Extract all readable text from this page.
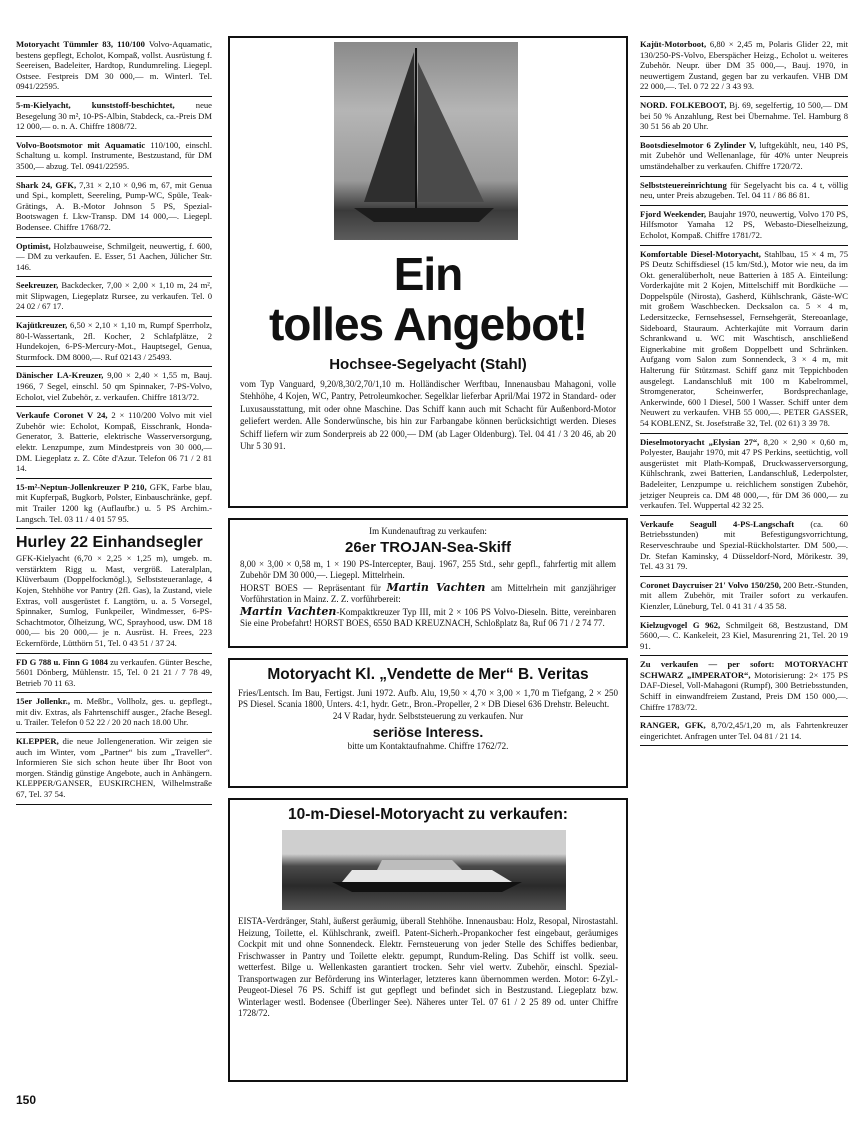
Motoryacht Tümmler 83, 110/100 Volvo-Aquamatic, bestens gepflegt, Echolot, Kompaß, vollst. Ausrüstung f. Seereisen, Badeleiter, Hardtop, Rundumreling. Liegepl. Ostsee. Festpreis DM 30 000,— m. Winterl. Tel. 0941/22595.
5-m-Kielyacht, kunststoff-beschichtet, neue Besegelung 30 m², 10-PS-Albin, Stabdeck, ca.-Preis DM 12 000,— o. n. A. Chiffre 1808/72.
Volvo-Bootsmotor mit Aquamatic 110/100, einschl. Schaltung u. kompl. Instrumente, Bestzustand, für DM 3500,— abzug. Tel. 0941/22595.
Shark 24, GFK, 7,31 × 2,10 × 0,96 m, 67, mit Genua und Spi., komplett, Seereling, Pump-WC, Spüle, Teak-Grätings, A. B.-Motor Johnson 5 PS, Spezial-Bootswagen f. Lkw-Transp. DM 14 000,—. Liegepl. Bodensee. Chiffre 1768/72.
Optimist, Holzbauweise, Schmilgeit, neuwertig, f. 600,— DM zu verkaufen. E. Esser, 51 Aachen, Jülicher Str. 146.
Seekreuzer, Backdecker, 7,00 × 2,00 × 1,10 m, 24 m², mit Slipwagen, Liegeplatz Rursee, zu verkaufen. Tel. 0 24 02 / 67 17.
Kajütkreuzer, 6,50 × 2,10 × 1,10 m, Rumpf Sperrholz, 80-l-Wassertank, 2fl. Kocher, 2 Schlafplätze, 2 Hundekojen, 6-PS-Mercury-Mot., Hauptsegel, Genua, Sturmfock. DM 8000,—. Ruf 02143 / 25493.
Dänischer LA-Kreuzer, 9,00 × 2,40 × 1,55 m, Bauj. 1966, 7 Segel, einschl. 50 qm Spinnaker, 7-PS-Volvo, Echolot, viel Zubehör, z. verkaufen. Chiffre 1813/72.
Verkaufe Coronet V 24, 2 × 110/200 Volvo mit viel Zubehör wie: Echolot, Kompaß, Eisschrank, Honda-Generator, 3. Batterie, elektrische Wasserversorgung, elektr. Lenzpumpe, zum Mindestpreis von 30 000,— DM. Liegeplatz z. Z. Côte d'Azur. Telefon 06 71 / 2 81 14.
15-m²-Neptun-Jollenkreuzer P 210, GFK, Farbe blau, mit Kupferpaß, Bugkorb, Polster, Einbauschränke, gepf. mit Trailer 1200 kg (Auflaufbr.) u. 5 PS Archim.-Langsch. Tel. 03 11 / 4 01 57 95.
Hurley 22 Einhandsegler
GFK-Kielyacht (6,70 × 2,25 × 1,25 m), umgeb. m. verstärktem Rigg u. Mast, vergröß. Lateralplan, Klüverbaum (Doppelfockmögl.), Selbststeueranlage, 4 Kojen, Stehhöhe vor Pantry (2fl. Gas), la Zustand, viele Extras, voll ausgerüstet f. Langtörn, u. a. 5 Vorsegel, Spinnaker, Sumlog, Funkpeiler, Windmesser, 6-PS-Schachtmotor, Ölheizung, WC, Sprayhood, usw. DM 18 000,— bis 20 000,— je n. Ausrüst. H. Frees, 223 Eckernförde, Lütthörn 51, Tel. 0 43 51 / 37 24.
FD G 788 u. Finn G 1084 zu verkaufen. Günter Besche, 5601 Dönberg, Mühlenstr. 15, Tel. 0 21 21 / 7 78 49, Betrieb 70 11 63.
15er Jollenkr., m. Meßbr., Vollholz, ges. u. gepflegt., mit div. Extras, als Fahrtenschiff ausger., 2fache Besegl. u. Trailer. Telefon 0 52 22 / 20 20 nach 18.00 Uhr.
KLEPPER, die neue Jollengeneration. Wir zeigen sie auch im Winter, vom „Partner“ bis zum „Traveller“. Informieren Sie sich schon heute über Ihr Boot von morgen. Ständig günstige Angebote, auch in Anhängern. KLEPPER/GANSER, EUSKIRCHEN, Wilhelmstraße 67, Tel. 37 54.
Ein
tolles Angebot!
Hochsee-Segelyacht (Stahl)
vom Typ Vanguard, 9,20/8,30/2,70/1,10 m. Holländischer Werftbau, Innenausbau Mahagoni, volle Stehhöhe, 4 Kojen, WC, Pantry, Petroleumkocher. Segelklar lieferbar April/Mai 1972 in Standard- oder Luxusausstattung, mit oder ohne Maschine. Das Schiff kann auch mit Schacht für Außenbord-Motor geliefert werden. Alle Sonderwünsche, bis hin zur Farbangabe können berücksichtigt werden. Dieses Schiff liefern wir zum Sonderpreis ab 22 000,— DM (ab Lager Oldenburg). Tel. 04 41 / 3 20 46, ab 20 Uhr 5 30 91.
Im Kundenauftrag zu verkaufen:
26er TROJAN-Sea-Skiff
8,00 × 3,00 × 0,58 m, 1 × 190 PS-Intercepter, Bauj. 1967, 255 Std., sehr gepfl., fahrfertig mit allem Zubehör DM 30 000,—. Liegepl. Mittelrhein.
HORST BOES — Repräsentant für Martin Vachten am Mittelrhein mit ganzjähriger Vorführstation in Mainz. Z. Z. vorführbereit:
Martin Vachten-Kompaktkreuzer Typ III, mit 2 × 106 PS Volvo-Dieseln. Bitte, vereinbaren Sie eine Probefahrt! HORST BOES, 6550 BAD KREUZNACH, Schloßplatz 8a, Ruf 06 71 / 2 74 77.
Motoryacht Kl. „Vendette de Mer“ B. Veritas
Fries/Lentsch. Im Bau, Fertigst. Juni 1972. Aufb. Alu, 19,50 × 4,70 × 3,00 × 1,70 m Tiefgang, 2 × 250 PS Diesel. Scania 1800, Unters. 4:1, hydr. Getr., Bron.-Propeller, 2 × DB Diesel 636 Drehstr. Beleucht.
24 V Radar, hydr. Selbststeuerung zu verkaufen. Nur
seriöse Interess.
bitte um Kontaktaufnahme. Chiffre 1762/72.
10-m-Diesel-Motoryacht zu verkaufen:
EISTA-Verdränger, Stahl, äußerst geräumig, überall Stehhöhe. Innenausbau: Holz, Resopal, Nirostastahl. Heizung, Toilette, el. Kühlschrank, zweifl. Patent-Sicherh.-Propankocher fest eingebaut, geräumiges Cockpit mit und ohne Sonnendeck. Elektr. Fernsteuerung von jeder Stelle des Schiffes bedienbar, Frischwasser in Pantry und Toilette elektr. gepumpt, Rundum-Reling. Das Schiff ist vollk. seeu. wetterfest. Bilge u. Wellenkasten garantiert trocken. Sehr viel wertv. Zubehör, einschl. Spezial-Transportwagen zur Beförderung ins Winterlager, letzteres kann übernommen werden. Motor: 6-Zyl.-Peugeot-Diesel 76 PS. Schiff ist gut gepflegt und befindet sich in Bestzustand. Liegeplatz bzw. Winterlager westl. Bodensee (Überlinger See). Näheres unter Tel. 07 61 / 2 25 89 od. unter Chiffre 1728/72.
Kajüt-Motorboot, 6,80 × 2,45 m, Polaris Glider 22, mit 130/250-PS-Volvo, Eberspächer Heizg., Echolot u. weiteres Zubehör. Neupr. über DM 35 000,—, Bauj. 1970, in neuwertigem Zustand, gegen bar zu verkaufen. VHB DM 22 000,—. Tel. 0 72 22 / 3 43 93.
NORD. FOLKEBOOT, Bj. 69, segelfertig, 10 500,— DM bei 50 % Anzahlung, Rest bei Übernahme. Tel. Hamburg 8 30 51 56 ab 20 Uhr.
Bootsdieselmotor 6 Zylinder V, luftgekühlt, neu, 140 PS, mit Zubehör und Wellenanlage, für 40% unter Neupreis umständehalber zu verkaufen. Chiffre 1720/72.
Selbststeuereinrichtung für Segelyacht bis ca. 4 t, völlig neu, unter Preis abzugeben. Tel. 04 11 / 86 86 81.
Fjord Weekender, Baujahr 1970, neuwertig, Volvo 170 PS, Hilfsmotor Yamaha 12 PS, Webasto-Dieselheizung, Echolot, Kompaß. Chiffre 1781/72.
Komfortable Diesel-Motoryacht, Stahlbau, 15 × 4 m, 75 PS Deutz Schiffsdiesel (15 km/Std.), Motor wie neu, da im Okt. generalüberholt, neue Batterien à 185 A. Einteilung: Vorderkajüte mit 2 Kojen, Mittelschiff mit Bordküche — Doppelspüle (Nirosta), Gasherd, Kühlschrank, Gäste-WC mit großem Waschbecken. Decksalon ca. 5 × 4 m, Ledersitzecke, Fernsehsessel, Fernsehgerät, Stereoanlage, Sideboard, Stauraum. Achterkajüte mit Vorraum darin Schrankwand u. WC mit Waschtisch, anschließend Eignerkabine mit großem Doppelbett und Schränken. Aufgang vom Salon zum Sonnendeck, 3 × 4 m, mit Halterung für Stützmast. Schiff ganz mit Teppichboden ausgelegt. Landanschluß mit 100 m Kabelrommel, Stromgenerator, Scheinwerfer, Bordsprechanlage, Ankerwinde, 600 l Diesel, 500 l Wasser. Schiff unter dem Neuwert zu verkaufen. VHB 55 000,—. PETER GASSER, 54 KOBLENZ, St. Josefstraße 32, Tel. (02 61) 3 39 78.
Dieselmotoryacht „Elysian 27“, 8,20 × 2,90 × 0,60 m, Polyester, Baujahr 1970, mit 47 PS Perkins, seetüchtig, voll ausgerüstet mit Plath-Kompaß, Druckwasserversorgung, Kühlschrank, zwei Batterien, Landanschluß, Lederpolster, Badeleiter, Lenzpumpe u. reichlichem sonstigen Zubehör, jetziger Neupreis ca. DM 48 000,—, für DM 36 000,— zu verkaufen. Tel. Wuppertal 42 32 25.
Verkaufe Seagull 4-PS-Langschaft (ca. 60 Betriebsstunden) mit Befestigungsvorrichtung, Reserveschraube und Spezial-Rückholstarter. DM 500,—. Dr. Stefan Kaminsky, 4 Düsseldorf-Nord, Mörikestr. 39, Tel. 43 31 79.
Coronet Daycruiser 21' Volvo 150/250, 200 Betr.-Stunden, mit allem Zubehör, mit Trailer sofort zu verkaufen. Kienzler, Lüneburg, Tel. 0 41 31 / 4 35 58.
Kielzugvogel G 962, Schmilgeit 68, Bestzustand, DM 5600,—. C. Kankeleit, 23 Kiel, Masurenring 21, Tel. 20 19 91.
Zu verkaufen — per sofort: MOTORYACHT SCHWARZ „IMPERATOR“, Motorisierung: 2× 175 PS DAF-Diesel, Voll-Mahagoni (Rumpf), 300 Betriebsstunden, Schiff in einwandfreiem Zustand, Preis DM 150 000,—. Chiffre 1783/72.
RANGER, GFK, 8,70/2,45/1,20 m, als Fahrtenkreuzer eingerichtet. Anfragen unter Tel. 04 81 / 21 14.
150
